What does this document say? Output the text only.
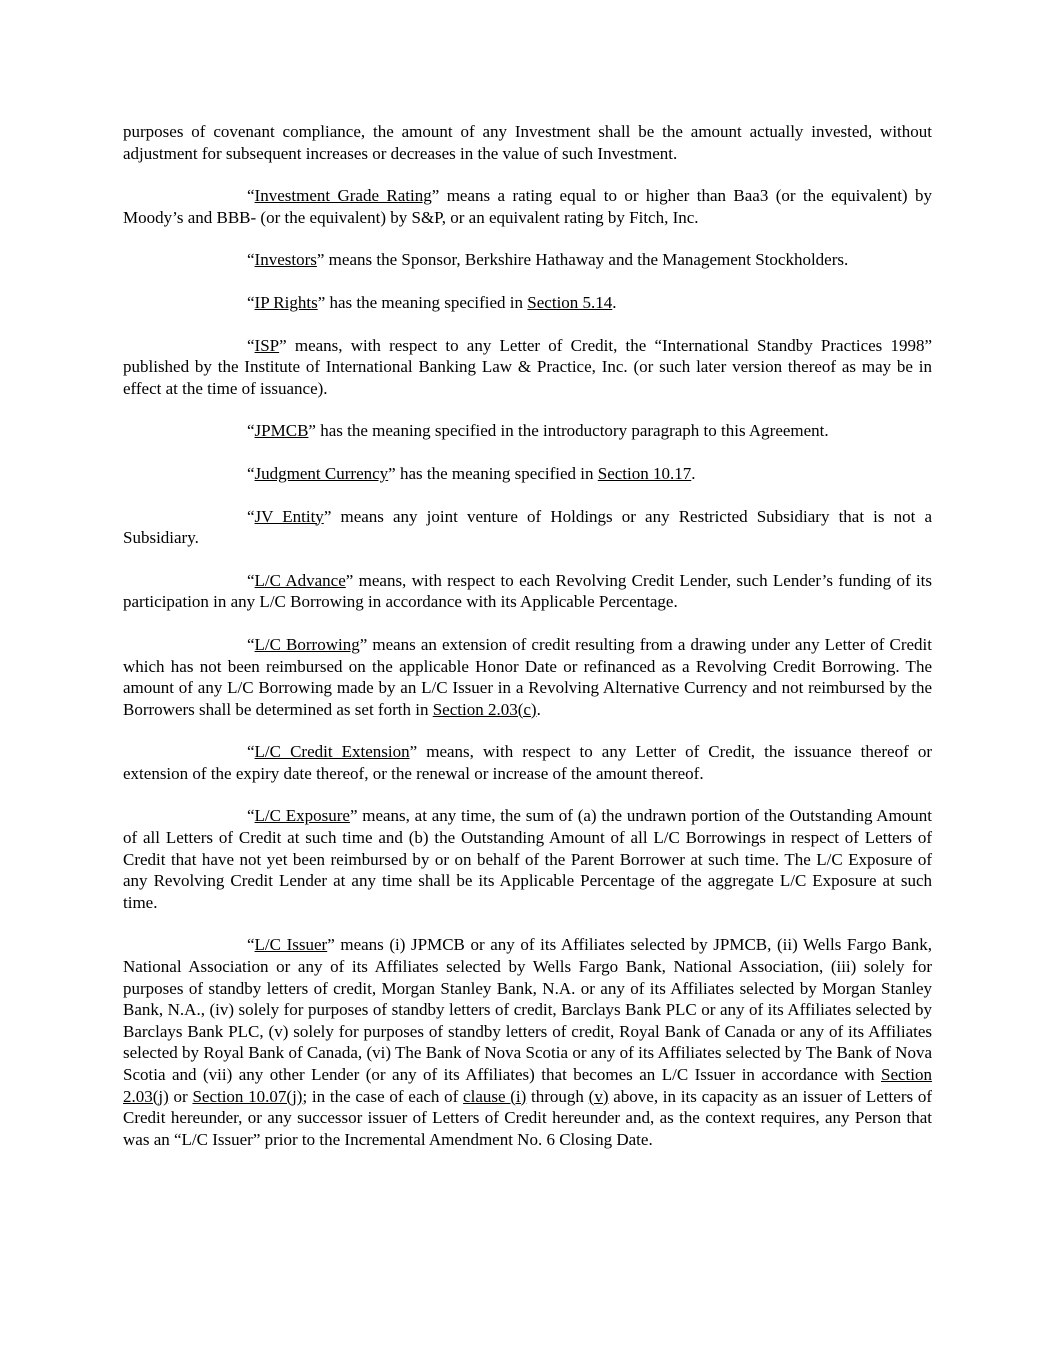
purposes of covenant compliance, the amount of any Investment shall be the amount actually invested, without adjustment for subsequent increases or decreases in the value of such Investment.

“Investment Grade Rating” means a rating equal to or higher than Baa3 (or the equivalent) by Moody’s and BBB- (or the equivalent) by S&P, or an equivalent rating by Fitch, Inc.

“Investors” means the Sponsor, Berkshire Hathaway and the Management Stockholders.

“IP Rights” has the meaning specified in Section 5.14.

“ISP” means, with respect to any Letter of Credit, the “International Standby Practices 1998” published by the Institute of International Banking Law & Practice, Inc. (or such later version thereof as may be in effect at the time of issuance).

“JPMCB” has the meaning specified in the introductory paragraph to this Agreement.

“Judgment Currency” has the meaning specified in Section 10.17.

“JV Entity” means any joint venture of Holdings or any Restricted Subsidiary that is not a Subsidiary.

“L/C Advance” means, with respect to each Revolving Credit Lender, such Lender’s funding of its participation in any L/C Borrowing in accordance with its Applicable Percentage.

“L/C Borrowing” means an extension of credit resulting from a drawing under any Letter of Credit which has not been reimbursed on the applicable Honor Date or refinanced as a Revolving Credit Borrowing. The amount of any L/C Borrowing made by an L/C Issuer in a Revolving Alternative Currency and not reimbursed by the Borrowers shall be determined as set forth in Section 2.03(c).

“L/C Credit Extension” means, with respect to any Letter of Credit, the issuance thereof or extension of the expiry date thereof, or the renewal or increase of the amount thereof.

“L/C Exposure” means, at any time, the sum of (a) the undrawn portion of the Outstanding Amount of all Letters of Credit at such time and (b) the Outstanding Amount of all L/C Borrowings in respect of Letters of Credit that have not yet been reimbursed by or on behalf of the Parent Borrower at such time. The L/C Exposure of any Revolving Credit Lender at any time shall be its Applicable Percentage of the aggregate L/C Exposure at such time.

“L/C Issuer” means (i) JPMCB or any of its Affiliates selected by JPMCB, (ii) Wells Fargo Bank, National Association or any of its Affiliates selected by Wells Fargo Bank, National Association, (iii) solely for purposes of standby letters of credit, Morgan Stanley Bank, N.A. or any of its Affiliates selected by Morgan Stanley Bank, N.A., (iv) solely for purposes of standby letters of credit, Barclays Bank PLC or any of its Affiliates selected by Barclays Bank PLC, (v) solely for purposes of standby letters of credit, Royal Bank of Canada or any of its Affiliates selected by Royal Bank of Canada, (vi) The Bank of Nova Scotia or any of its Affiliates selected by The Bank of Nova Scotia and (vii) any other Lender (or any of its Affiliates) that becomes an L/C Issuer in accordance with Section 2.03(j) or Section 10.07(j); in the case of each of clause (i) through (v) above, in its capacity as an issuer of Letters of Credit hereunder, or any successor issuer of Letters of Credit hereunder and, as the context requires, any Person that was an “L/C Issuer” prior to the Incremental Amendment No. 6 Closing Date.
